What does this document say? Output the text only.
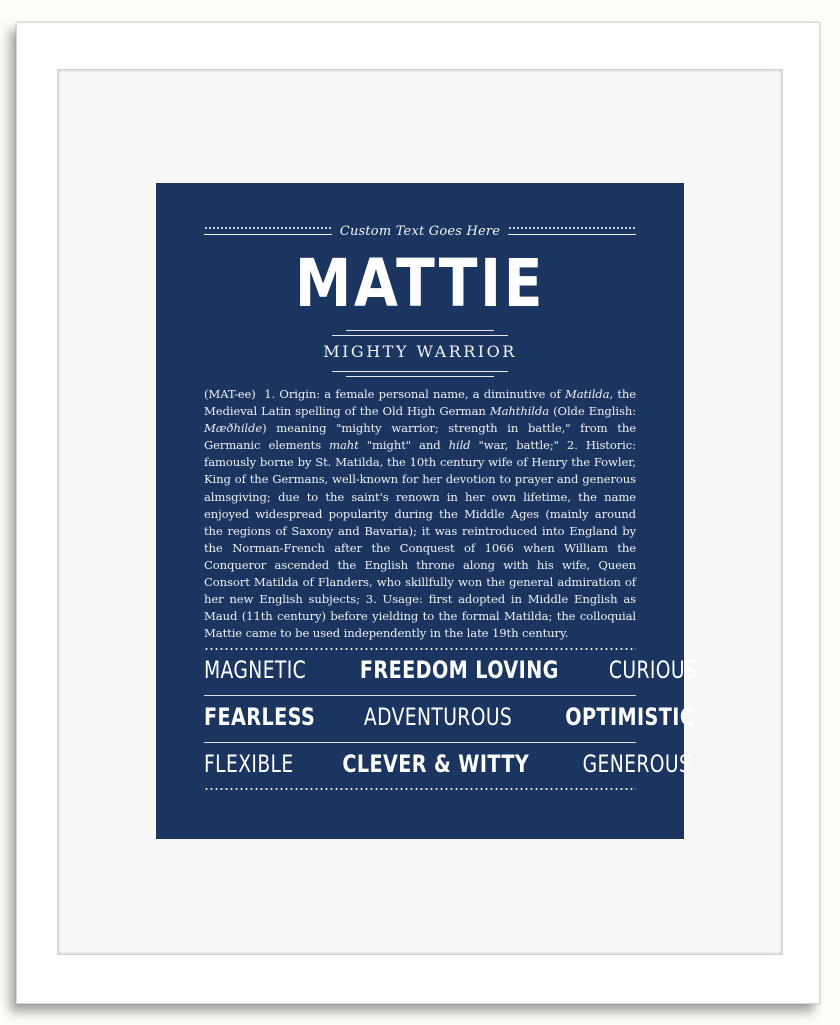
Custom Text Goes Here
MATTIE
MIGHTY WARRIOR
(MAT-ee) 1. Origin: a female personal name, a diminutive of Matilda, the Medieval Latin spelling of the Old High German Mahthilda (Olde English: Mæðhilde) meaning "mighty warrior; strength in battle," from the Germanic elements maht "might" and hild "war, battle;" 2. Historic: famously borne by St. Matilda, the 10th century wife of Henry the Fowler, King of the Germans, well-known for her devotion to prayer and generous almsgiving; due to the saint's renown in her own lifetime, the name enjoyed widespread popularity during the Middle Ages (mainly around the regions of Saxony and Bavaria); it was reintroduced into England by the Norman-French after the Conquest of 1066 when William the Conqueror ascended the English throne along with his wife, Queen Consort Matilda of Flanders, who skillfully won the general admiration of her new English subjects; 3. Usage: first adopted in Middle English as Maud (11th century) before yielding to the formal Matilda; the colloquial Mattie came to be used independently in the late 19th century.
MAGNETIC FREEDOM LOVING CURIOUS
FEARLESS ADVENTUROUS OPTIMISTIC
FLEXIBLE CLEVER & WITTY GENEROUS
